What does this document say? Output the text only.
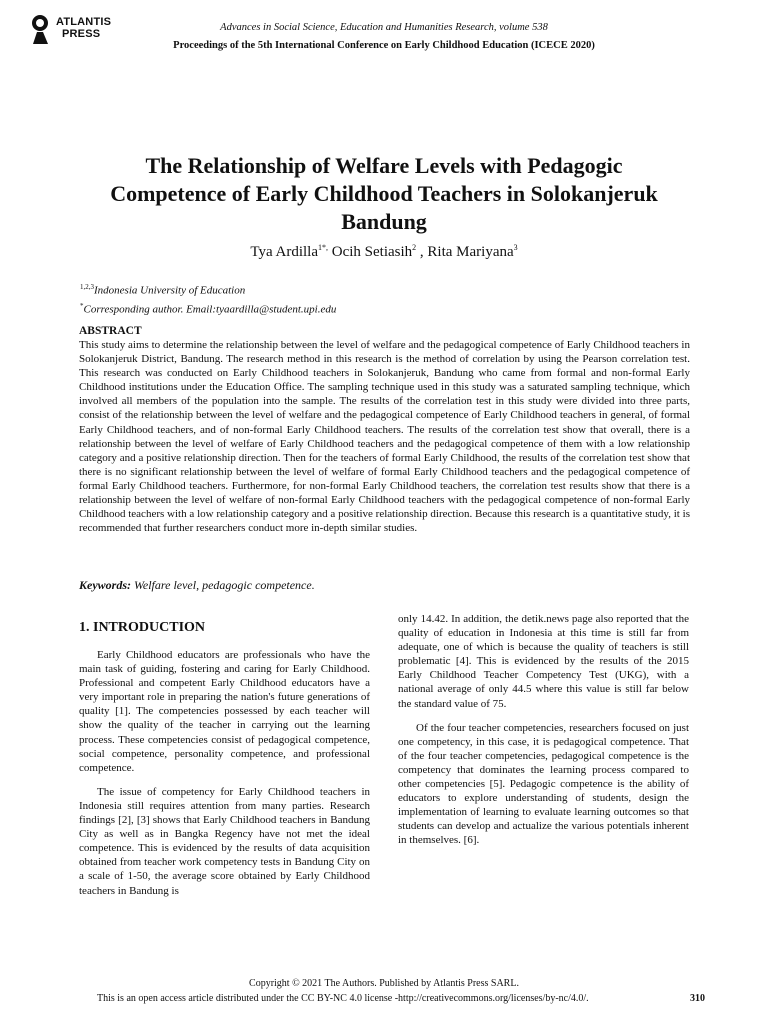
ATLANTIS
PRESS
Advances in Social Science, Education and Humanities Research, volume 538
Proceedings of the 5th International Conference on Early Childhood Education (ICECE 2020)
The Relationship of Welfare Levels with Pedagogic Competence of Early Childhood Teachers in Solokanjeruk Bandung
Tya Ardilla$^{1*,}$ Ocih Setiasih$^2$ , Rita Mariyana$^3$
$^{1,2,3}$Indonesia University of Education
*Corresponding author. Email:tyaardilla@student.upi.edu
ABSTRACT
This study aims to determine the relationship between the level of welfare and the pedagogical competence of Early Childhood teachers in Solokanjeruk District, Bandung. The research method in this research is the method of correlation by using the Pearson correlation test. This research was conducted on Early Childhood teachers in Solokanjeruk, Bandung who came from formal and non-formal Early Childhood institutions under the Education Office. The sampling technique used in this study was a saturated sampling technique, which involved all members of the population into the sample. The results of the correlation test in this study were divided into three parts, consist of the relationship between the level of welfare and the pedagogical competence of Early Childhood teachers in general, of formal Early Childhood teachers, and of non-formal Early Childhood teachers. The results of the correlation test show that overall, there is a relationship between the level of welfare of Early Childhood teachers and the pedagogical competence of them with a low relationship category and a positive relationship direction. Then for the teachers of formal Early Childhood, the results of the correlation test show that there is no significant relationship between the level of welfare of formal Early Childhood teachers and the pedagogical competence of formal Early Childhood teachers. Furthermore, for non-formal Early Childhood teachers, the correlation test results show that there is a relationship between the level of welfare of non-formal Early Childhood teachers with the pedagogical competence of non-formal Early Childhood teachers with a low relationship category and a positive relationship direction. Because this research is a quantitative study, it is recommended that further researchers conduct more in-depth similar studies.
Keywords: Welfare level, pedagogic competence.
1. INTRODUCTION

Early Childhood educators are professionals who have the main task of guiding, fostering and caring for Early Childhood. Professional and competent Early Childhood educators have a very important role in preparing the nation's future generations of quality [1]. The competencies possessed by each teacher will show the quality of the teacher in carrying out the learning process. These competencies consist of pedagogical competence, social competence, personality competence, and professional competence.

The issue of competency for Early Childhood teachers in Indonesia still requires attention from many parties. Research findings [2], [3] shows that Early Childhood teachers in Bandung City as well as in Bangka Regency have not met the ideal competence. This is evidenced by the results of data acquisition obtained from teacher work competency tests in Bandung City on a scale of 1-50, the average score obtained by Early Childhood teachers in Bandung is

only 14.42. In addition, the detik.news page also reported that the quality of education in Indonesia at this time is still far from adequate, one of which is because the quality of teachers is still problematic [4]. This is evidenced by the results of the 2015 Early Childhood Teacher Competency Test (UKG), with a national average of only 44.5 where this value is still far below the standard value of 75.

Of the four teacher competencies, researchers focused on just one competency, in this case, it is pedagogical competence. That of the four teacher competencies, pedagogical competence is the competency that dominates the learning process compared to other competencies [5]. Pedagogic competence is the ability of educators to explore understanding of students, design the implementation of learning to evaluate learning outcomes so that students can develop and actualize the various potentials inherent in themselves. [6].

Copyright © 2021 The Authors. Published by Atlantis Press SARL.
This is an open access article distributed under the CC BY-NC 4.0 license -http://creativecommons.org/licenses/by-nc/4.0/.	310
